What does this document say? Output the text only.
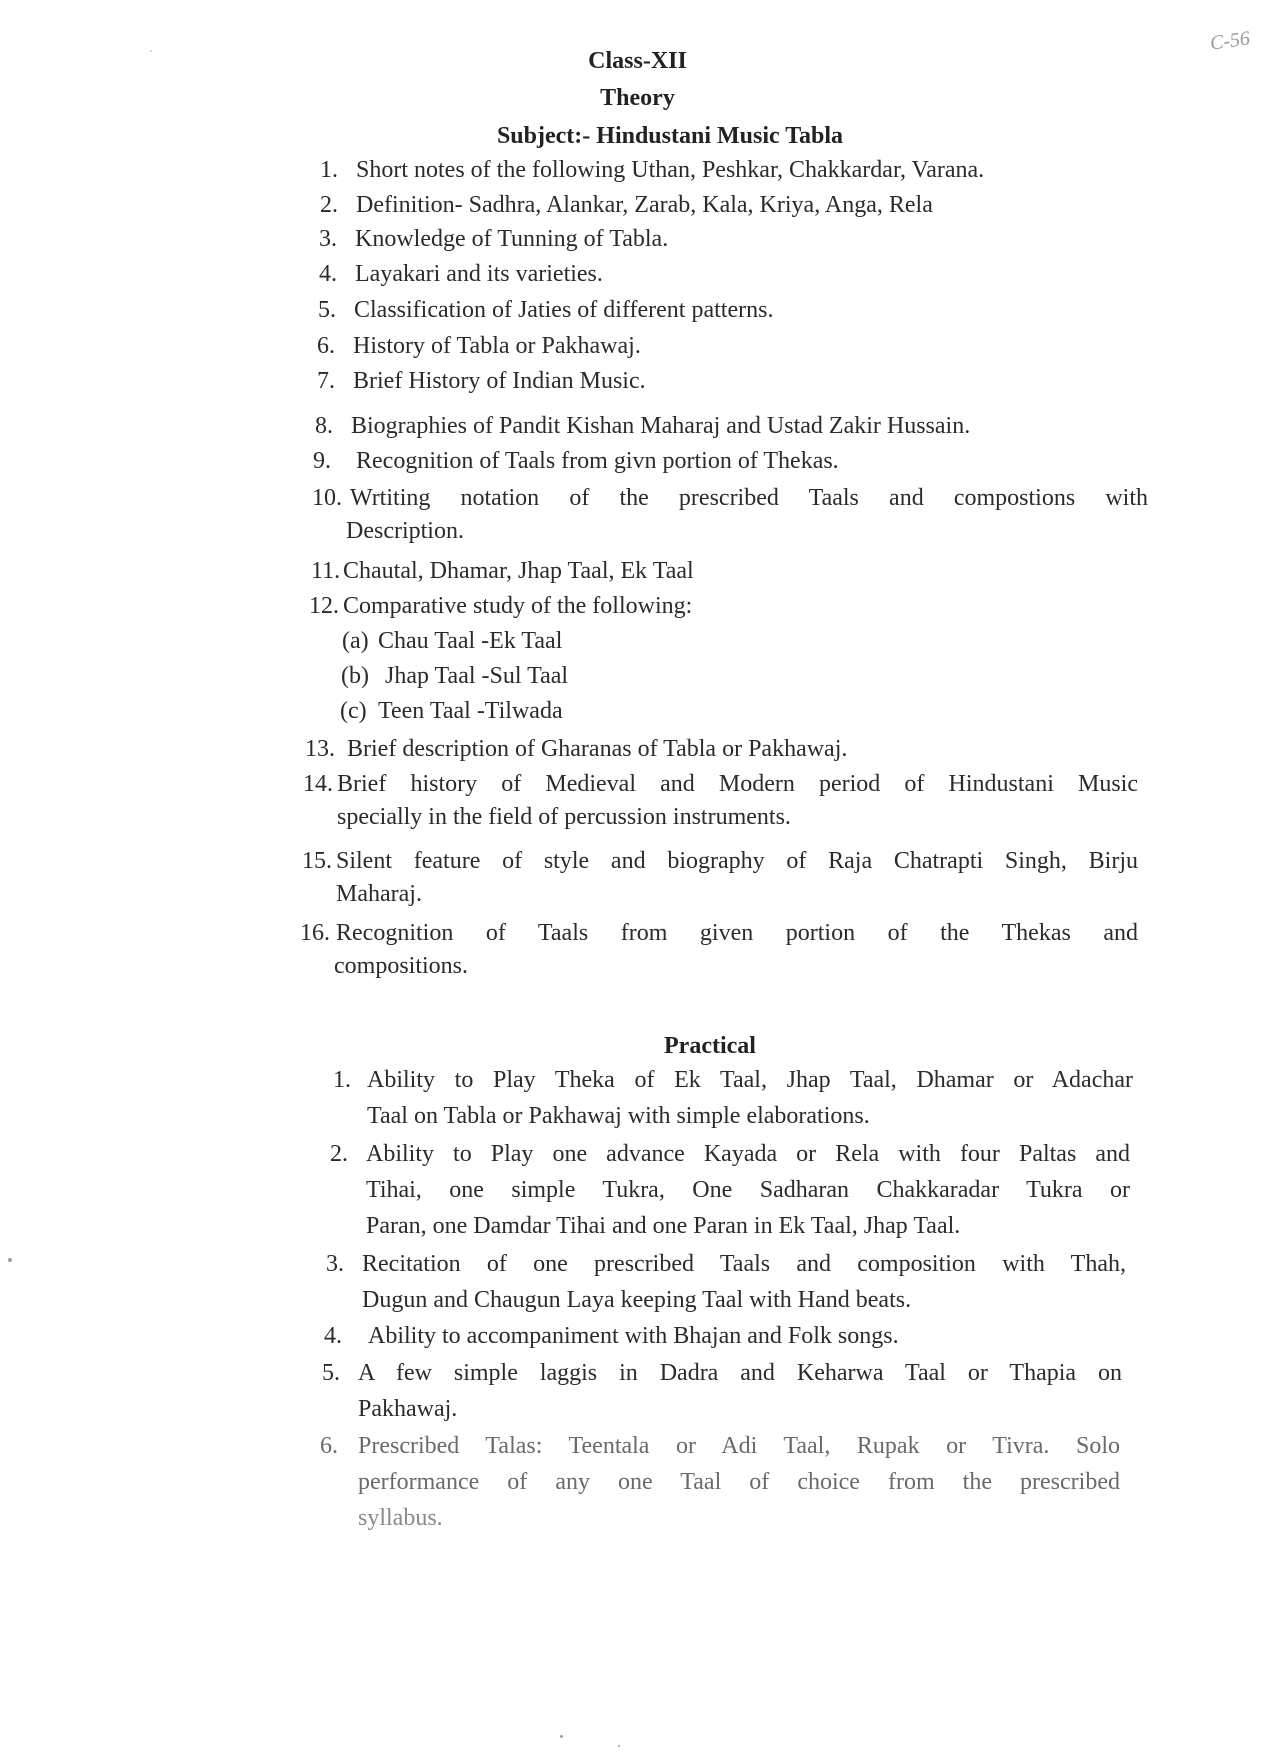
C-56
Class-XII
Theory
Subject:- Hindustani Music Tabla
1. Short notes of the following Uthan, Peshkar, Chakkardar, Varana.
2. Definition- Sadhra, Alankar, Zarab, Kala, Kriya, Anga, Rela
3. Knowledge of Tunning of Tabla.
4. Layakari and its varieties.
5. Classification of Jaties of different patterns.
6. History of Tabla or Pakhawaj.
7. Brief History of Indian Music.
8. Biographies of Pandit Kishan Maharaj and Ustad Zakir Hussain.
9. Recognition of Taals from givn portion of Thekas.
10. Wrtiting notation of the prescribed Taals and compostions with
Description.
11. Chautal, Dhamar, Jhap Taal, Ek Taal
12. Comparative study of the following:
(a) Chau Taal -Ek Taal
(b) Jhap Taal -Sul Taal
(c) Teen Taal -Tilwada
13. Brief description of Gharanas of Tabla or Pakhawaj.
14. Brief history of Medieval and Modern period of Hindustani Music
specially in the field of percussion instruments.
15. Silent feature of style and biography of Raja Chatrapti Singh, Birju
Maharaj.
16. Recognition of Taals from given portion of the Thekas and
compositions.
Practical
1. Ability to Play Theka of Ek Taal, Jhap Taal, Dhamar or Adachar
Taal on Tabla or Pakhawaj with simple elaborations.
2. Ability to Play one advance Kayada or Rela with four Paltas and
Tihai, one simple Tukra, One Sadharan Chakkaradar Tukra or
Paran, one Damdar Tihai and one Paran in Ek Taal, Jhap Taal.
3. Recitation of one prescribed Taals and composition with Thah,
Dugun and Chaugun Laya keeping Taal with Hand beats.
4. Ability to accompaniment with Bhajan and Folk songs.
5. A few simple laggis in Dadra and Keharwa Taal or Thapia on
Pakhawaj.
6. Prescribed Talas: Teentala or Adi Taal, Rupak or Tivra. Solo
performance of any one Taal of choice from the prescribed
syllabus.
